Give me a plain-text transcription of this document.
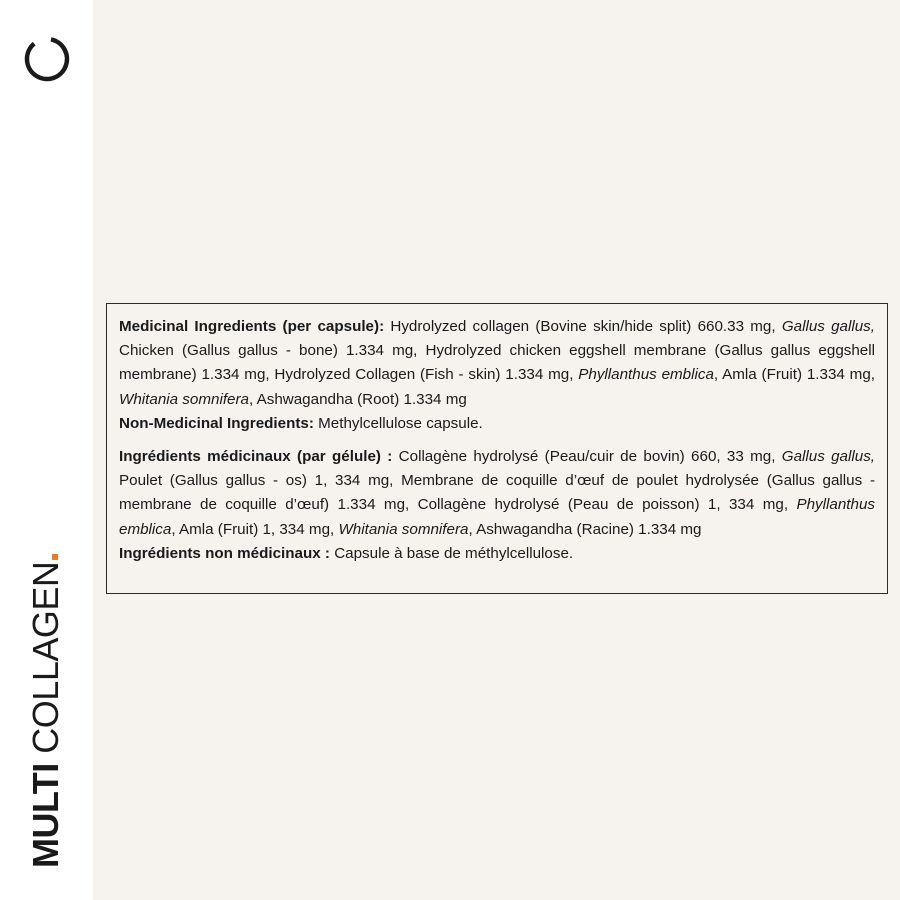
MULTI COLLAGEN

Medicinal Ingredients (per capsule): Hydrolyzed collagen (Bovine skin/hide split) 660.33 mg, Gallus gallus, Chicken (Gallus gallus - bone) 1.334 mg, Hydrolyzed chicken eggshell membrane (Gallus gallus eggshell membrane) 1.334 mg, Hydrolyzed Collagen (Fish - skin) 1.334 mg, Phyllanthus emblica, Amla (Fruit) 1.334 mg, Whitania somnifera, Ashwagandha (Root) 1.334 mg

Non-Medicinal Ingredients: Methylcellulose capsule.

Ingrédients médicinaux (par gélule) : Collagène hydrolysé (Peau/cuir de bovin) 660, 33 mg, Gallus gallus, Poulet (Gallus gallus - os) 1, 334 mg, Membrane de coquille d’œuf de poulet hydrolysée (Gallus gallus - membrane de coquille d’œuf) 1.334 mg, Collagène hydrolysé (Peau de poisson) 1, 334 mg, Phyllanthus emblica, Amla (Fruit) 1, 334 mg, Whitania somnifera, Ashwagandha (Racine) 1.334 mg

Ingrédients non médicinaux : Capsule à base de méthylcellulose.
